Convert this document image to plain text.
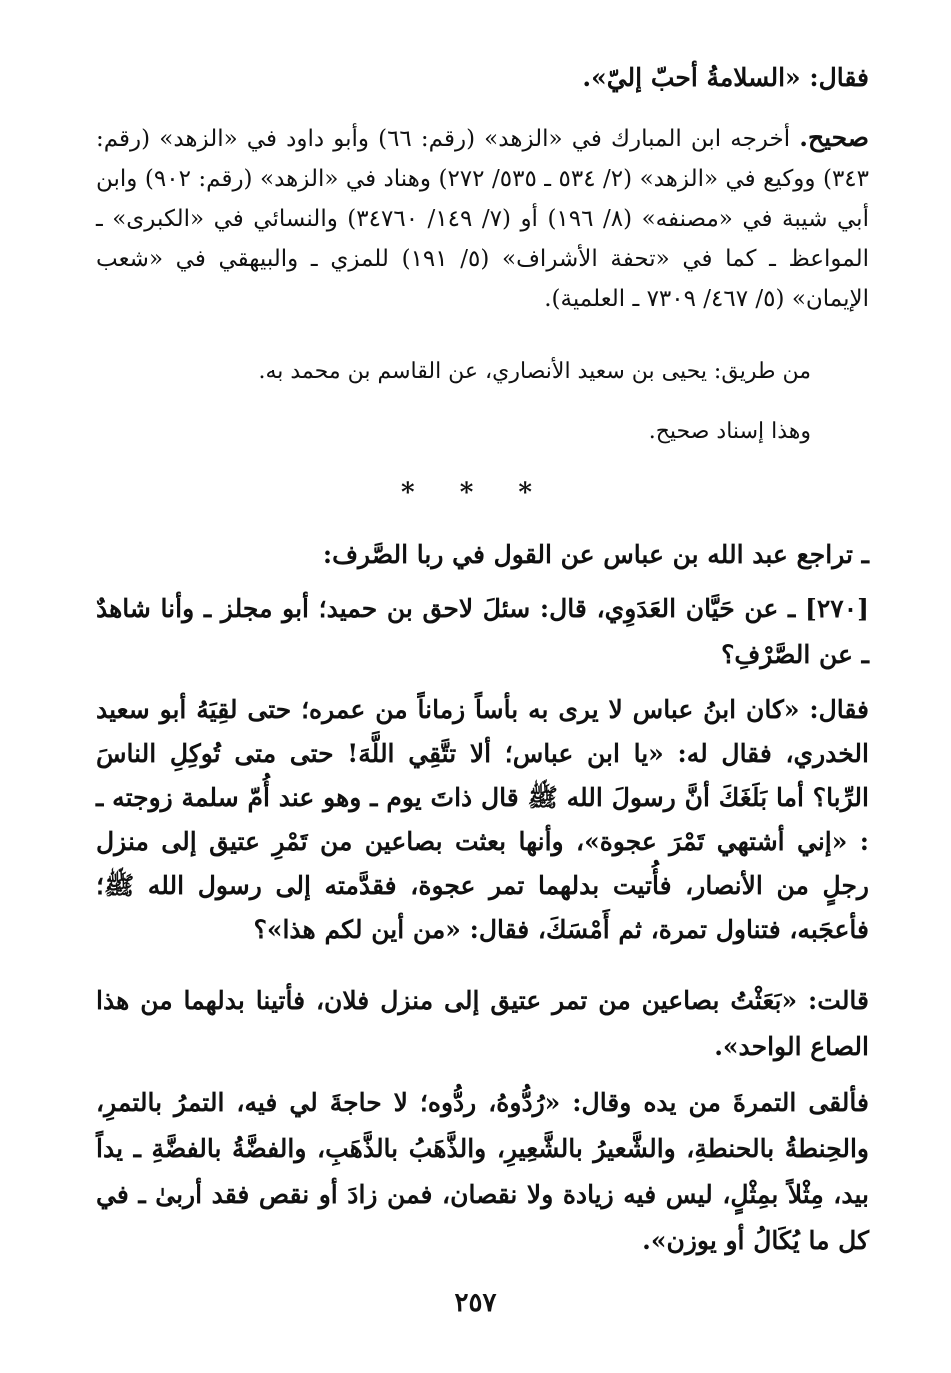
فقال: «السلامةُ أحبّ إليّ».
صحيح. أخرجه ابن المبارك في «الزهد» (رقم: ٦٦) وأبو داود في «الزهد» (رقم: ٣٤٣) ووكيع في «الزهد» (٢/ ٥٣٤ ـ ٥٣٥/ ٢٧٢) وهناد في «الزهد» (رقم: ٩٠٢) وابن أبي شيبة في «مصنفه» (٨/ ١٩٦) أو (٧/ ١٤٩/ ٣٤٧٦٠) والنسائي في «الكبرى» ـ المواعظ ـ كما في «تحفة الأشراف» (٥/ ١٩١) للمزي ـ والبيهقي في «شعب الإيمان» (٥/ ٤٦٧/ ٧٣٠٩ ـ العلمية).
من طريق: يحيى بن سعيد الأنصاري، عن القاسم بن محمد به.
وهذا إسناد صحيح.
* * *
ـ تراجع عبد الله بن عباس عن القول في ربا الصَّرف:
[٢٧٠] ـ عن حَيَّان العَدَوِي، قال: سئلَ لاحق بن حميد؛ أبو مجلز ـ وأنا شاهدٌ ـ عن الصَّرْفِ؟
فقال: «كان ابنُ عباس لا يرى به بأساً زماناً من عمره؛ حتى لقِيَهُ أبو سعيد الخدري، فقال له: «يا ابن عباس؛ ألا تتَّقِي اللَّهَ! حتى متى تُوكِلِ الناسَ الرِّبا؟ أما بَلَغَكَ أنَّ رسولَ الله ﷺ قال ذاتَ يوم ـ وهو عند أُمّ سلمة زوجته ـ : «إني أشتهي تَمْرَ عجوة»، وأنها بعثت بصاعين من تَمْرِ عتيق إلى منزل رجلٍ من الأنصار، فأُتيت بدلهما تمر عجوة، فقدَّمته إلى رسول الله ﷺ؛ فأعجَبه، فتناول تمرة، ثم أَمْسَكَ، فقال: «من أين لكم هذا»؟
قالت: «بَعَثْتُ بصاعين من تمر عتيق إلى منزل فلان، فأتينا بدلهما من هذا الصاع الواحد».
فألقى التمرةَ من يده وقال: «رُدُّوهُ، ردُّوه؛ لا حاجةَ لي فيه، التمرُ بالتمرِ، والحِنطةُ بالحنطةِ، والشَّعيرُ بالشَّعِيرِ، والذَّهَبُ بالذَّهَبِ، والفضَّةُ بالفضَّةِ ـ يداً بيد، مِثْلاً بمِثْلٍ، ليس فيه زيادة ولا نقصان، فمن زادَ أو نقص فقد أربىٰ ـ في كل ما يُكَالُ أو يوزن».
٢٥٧
